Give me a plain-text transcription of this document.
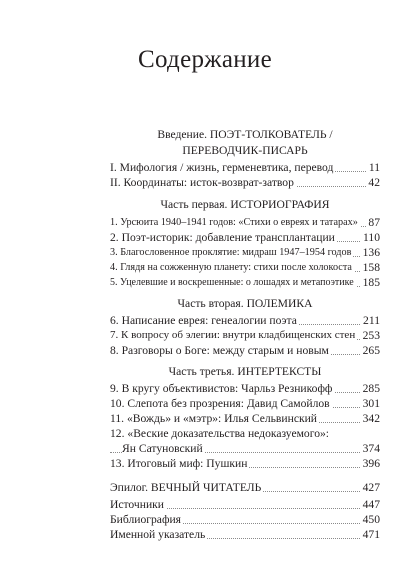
Содержание
Введение. ПОЭТ-ТОЛКОВАТЕЛЬ /
ПЕРЕВОДЧИК-ПИСАРЬ
I. Мифология / жизнь, герменевтика, перевод	11
II. Координаты: исток-возврат-затвор	42
Часть первая. ИСТОРИОГРАФИЯ
1. Урсюита 1940–1941 годов: «Стихи о евреях и татарах» 87
2. Поэт-историк: добавление трансплантации 110
3. Благословенное проклятие: мидраш 1947–1954 годов 136
4. Глядя на сожженную планету: стихи после холокоста 158
5. Уцелевшие и воскрешенные: о лошадях и метапоэтике 185
Часть вторая. ПОЛЕМИКА
6. Написание еврея: генеалогии поэта	211
7. К вопросу об элегии: внутри кладбищенских стен 253
8. Разговоры о Боге: между старым и новым	265
Часть третья. ИНТЕРТЕКСТЫ
9. В кругу объективистов: Чарльз Резникофф	285
10. Слепота без прозрения: Давид Самойлов	301
11. «Вождь» и «мэтр»: Илья Сельвинский	342
12. «Веские доказательства недоказуемого»:
Ян Сатуновский	374
13. Итоговый миф: Пушкин	396
Эпилог. ВЕЧНЫЙ ЧИТАТЕЛЬ	427
Источники	447
Библиография	450
Именной указатель	471
